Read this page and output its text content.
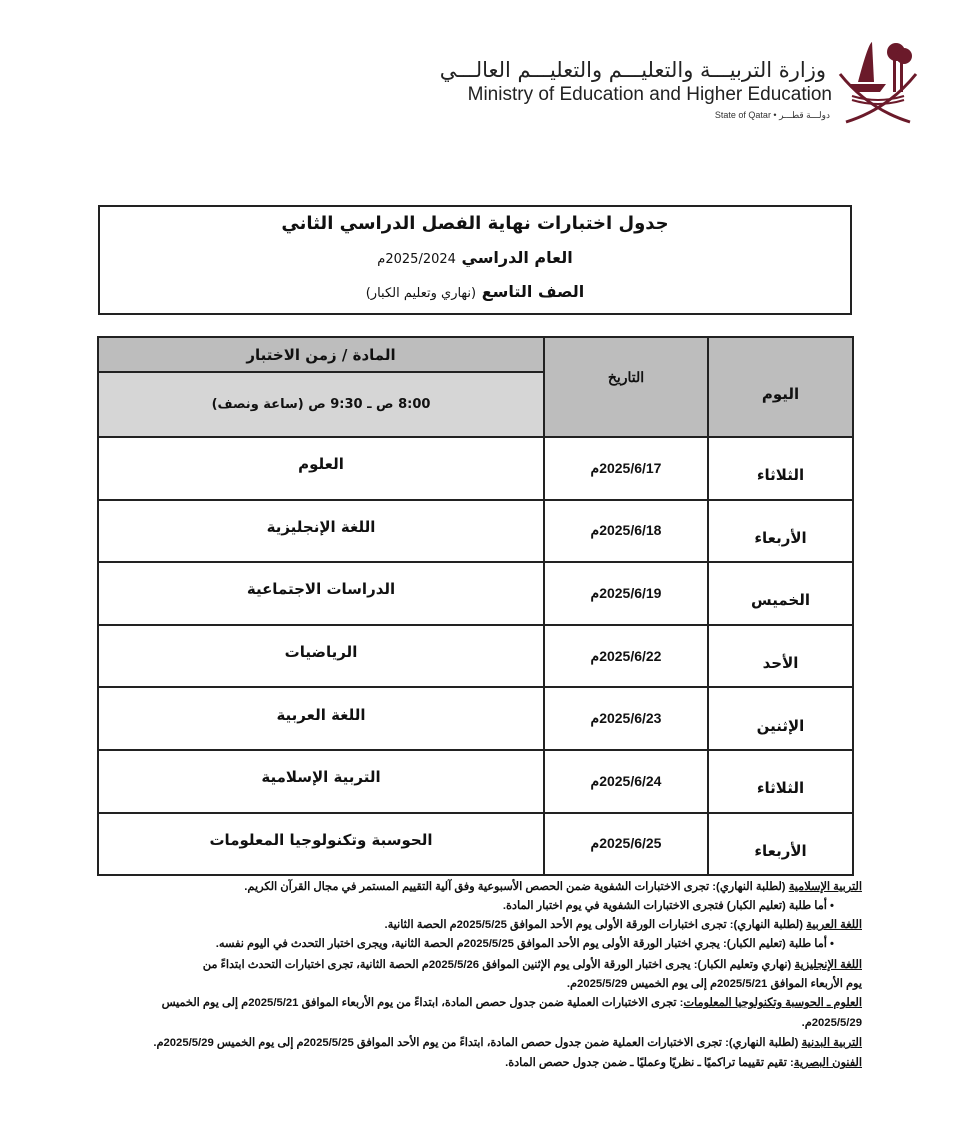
وزارة التربيـــة والتعليـــم والتعليـــم العالـــي
Ministry of Education and Higher Education
State of Qatar • دولـــة قطـــر
جدول اختبارات نهاية الفصل الدراسي الثاني
العام الدراسي 2025/2024م
الصف التاسع (نهاري وتعليم الكبار)
اليوم	التاريخ	المادة / زمن الاختبار
		8:00 ص ـ 9:30 ص (ساعة ونصف)
الثلاثاء	2025/6/17م	العلوم
الأربعاء	2025/6/18م	اللغة الإنجليزية
الخميس	2025/6/19م	الدراسات الاجتماعية
الأحد	2025/6/22م	الرياضيات
الإثنين	2025/6/23م	اللغة العربية
الثلاثاء	2025/6/24م	التربية الإسلامية
الأربعاء	2025/6/25م	الحوسبة وتكنولوجيا المعلومات
التربية الإسلامية (لطلبة النهاري): تجرى الاختبارات الشفوية ضمن الحصص الأسبوعية وفق آلية التقييم المستمر في مجال القرآن الكريم.
• أما طلبة (تعليم الكبار) فتجرى الاختبارات الشفوية في يوم اختبار المادة.
اللغة العربية (لطلبة النهاري): تجرى اختبارات الورقة الأولى يوم الأحد الموافق 2025/5/25م الحصة الثانية.
• أما طلبة (تعليم الكبار): يجري اختبار الورقة الأولى يوم الأحد الموافق 2025/5/25م الحصة الثانية، ويجرى اختبار التحدث في اليوم نفسه.
اللغة الإنجليزية (نهاري وتعليم الكبار): يجرى اختبار الورقة الأولى يوم الإثنين الموافق 2025/5/26م الحصة الثانية، تجرى اختبارات التحدث ابتداءً من
يوم الأربعاء الموافق 2025/5/21م إلى يوم الخميس 2025/5/29م.
العلوم ـ الحوسبة وتكنولوجيا المعلومات: تجرى الاختبارات العملية ضمن جدول حصص المادة، ابتداءً من يوم الأربعاء الموافق 2025/5/21م إلى يوم الخميس
2025/5/29م.
التربية البدنية (لطلبة النهاري): تجرى الاختبارات العملية ضمن جدول حصص المادة، ابتداءً من يوم الأحد الموافق 2025/5/25م إلى يوم الخميس 2025/5/29م.
الفنون البصرية: تقيم تقييما تراكميًا ـ نظريًا وعمليًا ـ ضمن جدول حصص المادة.
